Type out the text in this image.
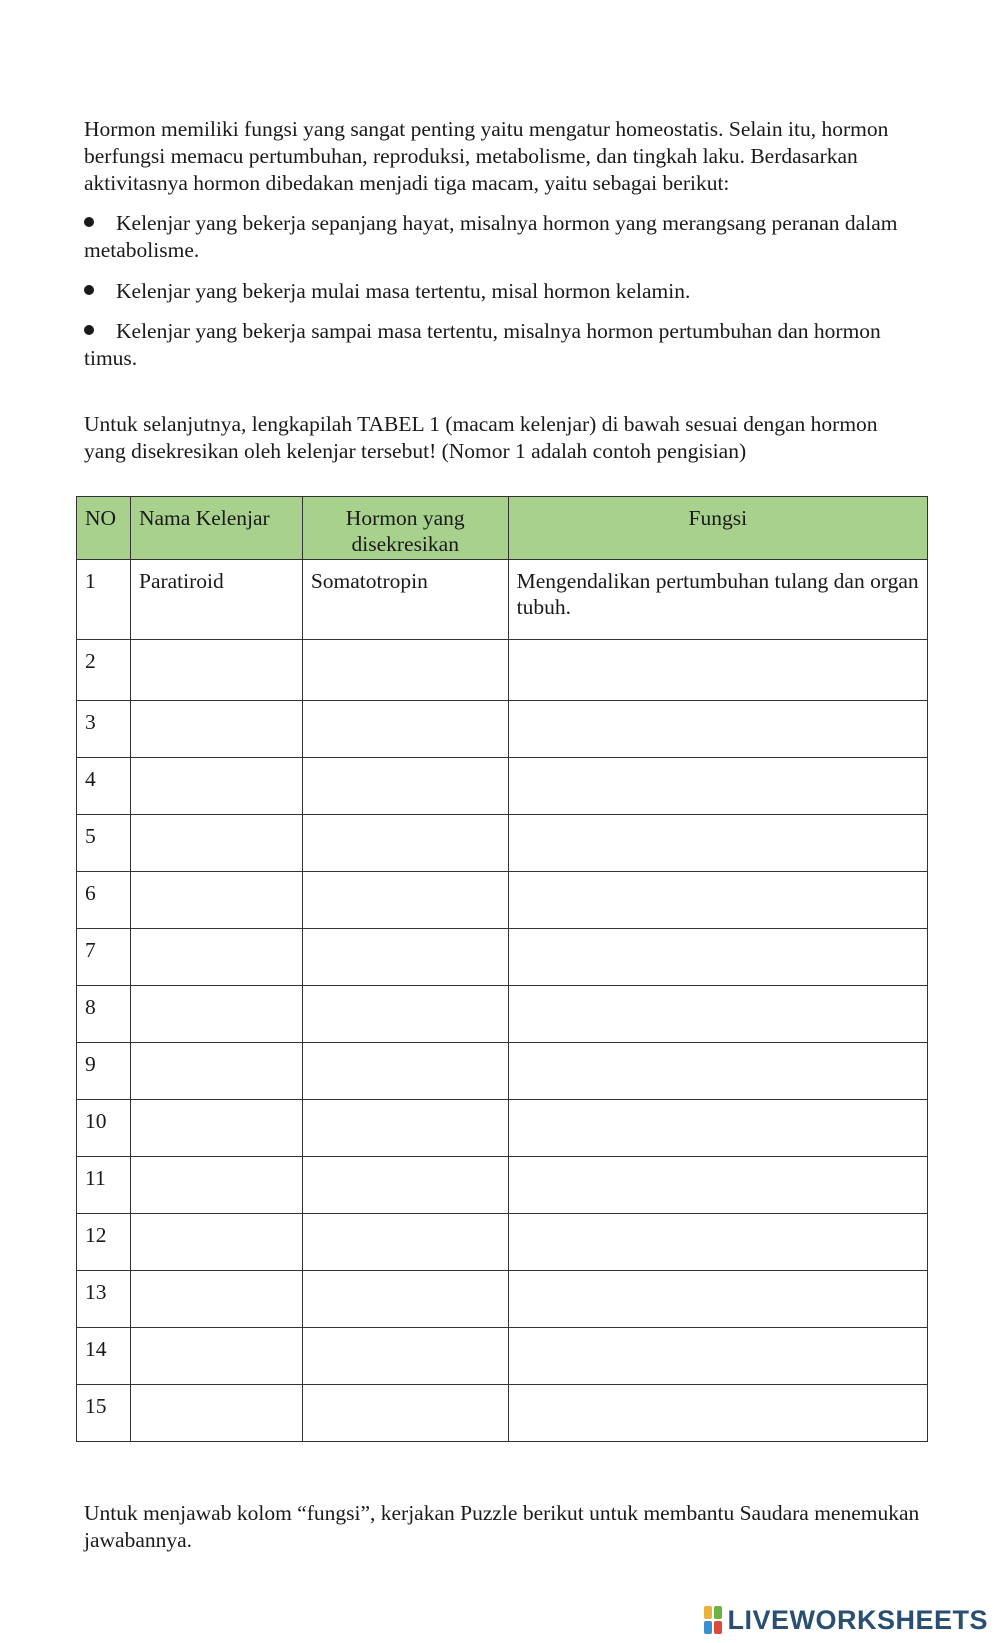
Hormon memiliki fungsi yang sangat penting yaitu mengatur homeostatis. Selain itu, hormon berfungsi memacu pertumbuhan, reproduksi, metabolisme, dan tingkah laku. Berdasarkan aktivitasnya hormon dibedakan menjadi tiga macam, yaitu sebagai berikut:

Kelenjar yang bekerja sepanjang hayat, misalnya hormon yang merangsang peranan dalam metabolisme.

Kelenjar yang bekerja mulai masa tertentu, misal hormon kelamin.

Kelenjar yang bekerja sampai masa tertentu, misalnya hormon pertumbuhan dan hormon timus.

Untuk selanjutnya, lengkapilah TABEL 1 (macam kelenjar) di bawah sesuai dengan hormon yang disekresikan oleh kelenjar tersebut! (Nomor 1 adalah contoh pengisian)

NO	Nama Kelenjar	Hormon yang disekresikan	Fungsi
1	Paratiroid	Somatotropin	Mengendalikan pertumbuhan tulang dan organ tubuh.
2			
3			
4			
5			
6			
7			
8			
9			
10			
11			
12			
13			
14			
15			

Untuk menjawab kolom “fungsi”, kerjakan Puzzle berikut untuk membantu Saudara menemukan jawabannya.

LIVEWORKSHEETS
